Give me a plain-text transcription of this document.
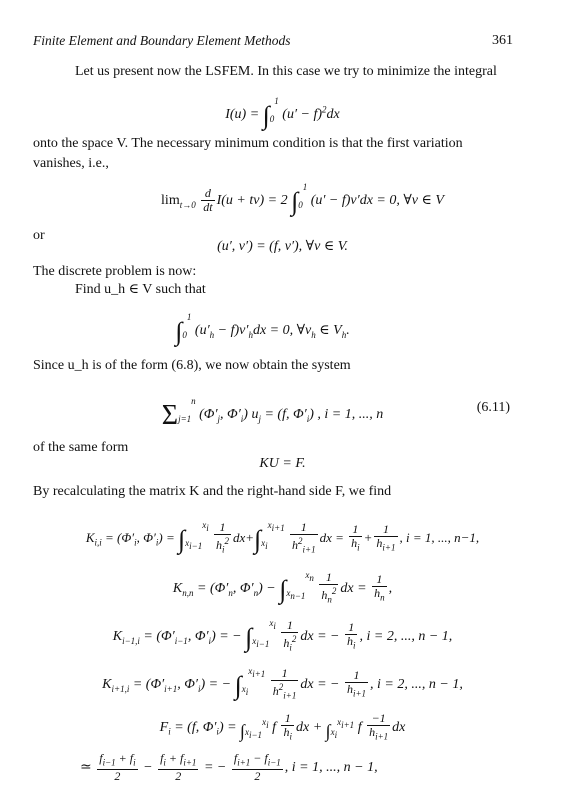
Finite Element and Boundary Element Methods	361
Let us present now the LSFEM. In this case we try to minimize the integral
$I(u) = \int_0^1$ $(u' - f)^2dx$
onto the space V. The necessary minimum condition is that the first variation vanishes, i.e.,
$\lim_{t\to 0} \frac{d}{dt} I(u + tv) = 2$ $\int_0^1$ (u′ − f)v′dx = 0, ∀v ∈ V
or
(u′, v′) = (f, v′), ∀v ∈ V.
The discrete problem is now:
Find u_h ∈ V such that
$\int_0^1$ $(u'_h - f)v'_hdx = 0$, $\forall v_h$ ∈ $V_h$.
Since u_h is of the form (6.8), we now obtain the system
$\Sigma_{j=1}^n$ ($\Phi'_j$, $\Phi'_i$) $u_j = (f$, $\Phi'_i$) , i = 1, ..., n	(6.11)
of the same form
KU = F.
By recalculating the matrix K and the right-hand side F, we find
$K_{i,i} = (\Phi'_i$, $\Phi'_i) = \int_{x_{i-1}}^{x_i} \frac{1}{h_i^2} dx+\int_{x_i}^{x_{i+1}} \frac{1}{h^2_{i+1}}$ dx = $\frac{1}{h_i} + \frac{1}{h_{i+1}}$ , i = 1, ..., n−1,
$K_{n,n} = (\Phi'_n$, $\Phi'_n) - \int_{x_{n-1}}^{x_n} \frac{1}{h_n^2}$ dx = $\frac{1}{h_n}$ ,
$K_{i-1,i} = (\Phi'_{i-1}$, $\Phi'_i$) = − $\int_{x_{i-1}}^{x_i} \frac{1}{h_i^2}$ dx = − $\frac{1}{h_i}$ , i = 2, ..., n − 1,
$K_{i+1,i} = (\Phi'_{i+1}$, $\Phi'_i$) = − $\int_{x_i}^{x_{i+1}} \frac{1}{h^2_{i+1}}$ dx = − $\frac{1}{h_{i+1}}$ , i = 2, ..., n − 1,
$F_i = (f$, $\Phi'_i) = \int_{x_{i-1}}^{x_i}$ f $\frac{1}{h_i}$ dx + $\int_{x_i}^{x_{i+1}}$ f $\frac{-1}{h_{i+1}}$ dx
≃ $\frac{f_{i-1} + f_i}{2} - \frac{f_i + f_{i+1}}{2}$ = − $\frac{f_{i+1} - f_{i-1}}{2}$ , i = 1, ..., n − 1,
